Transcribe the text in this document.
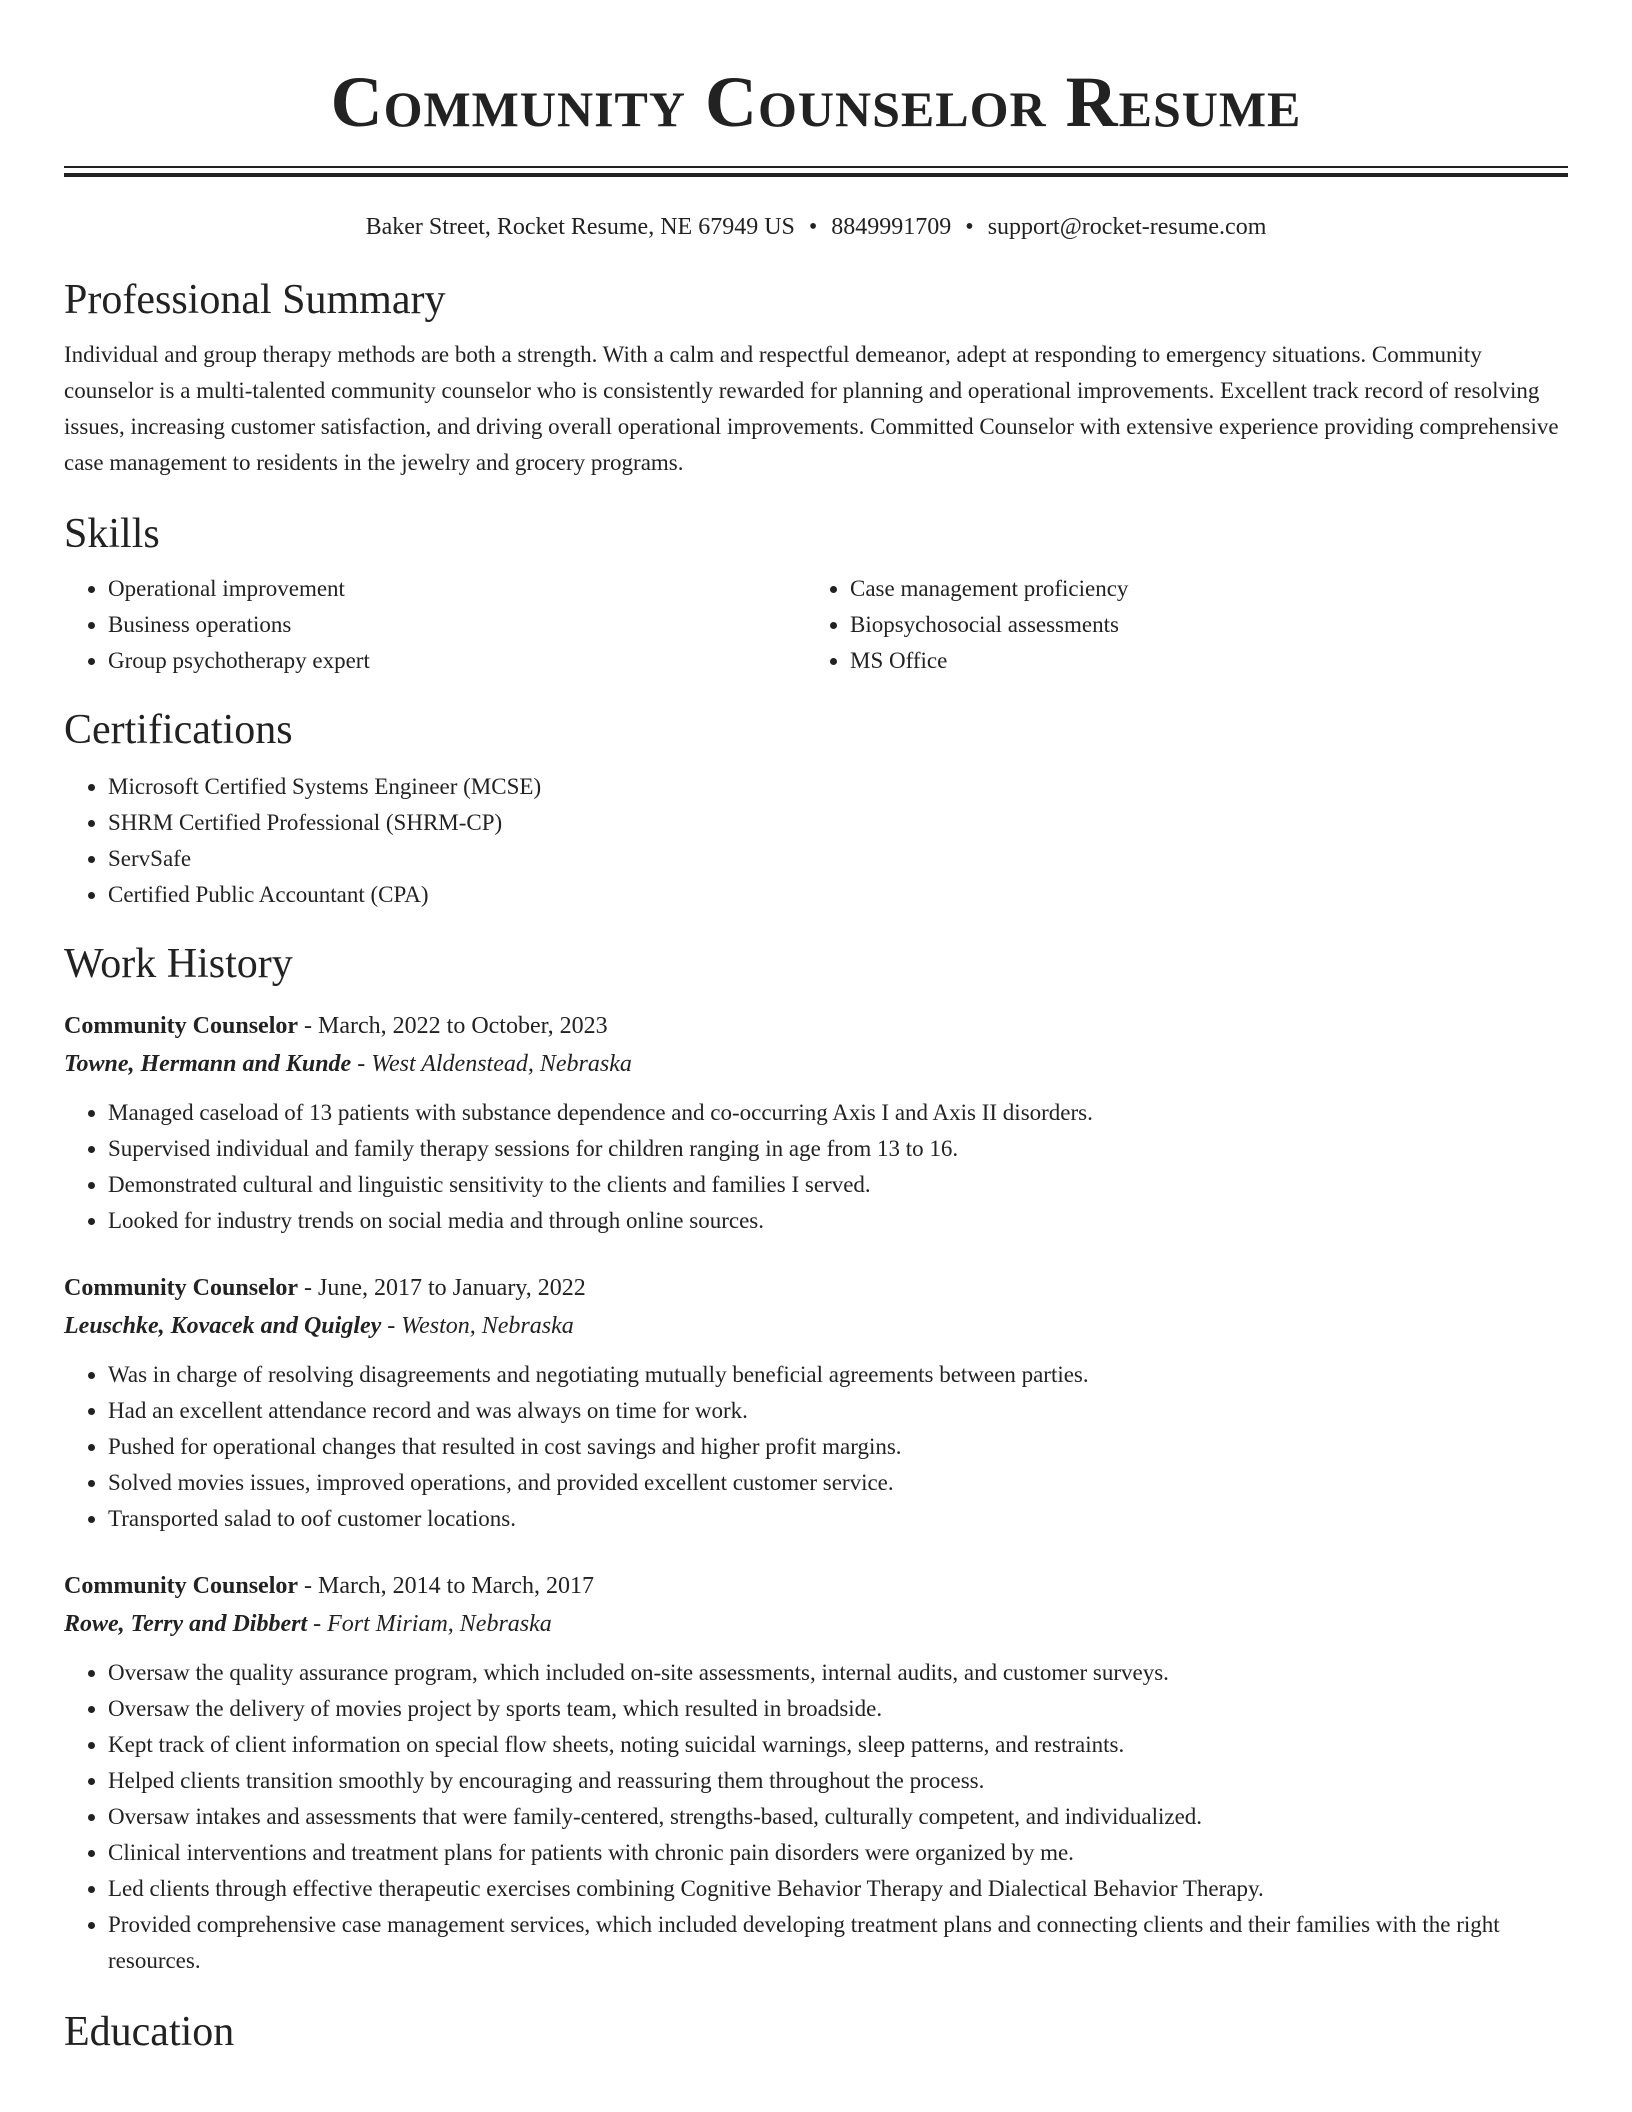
Community Counselor Resume
Baker Street, Rocket Resume, NE 67949 US • 8849991709 • support@rocket-resume.com
Professional Summary

Individual and group therapy methods are both a strength. With a calm and respectful demeanor, adept at responding to emergency situations. Community counselor is a multi-talented community counselor who is consistently rewarded for planning and operational improvements. Excellent track record of resolving issues, increasing customer satisfaction, and driving overall operational improvements. Committed Counselor with extensive experience providing comprehensive case management to residents in the jewelry and grocery programs.

Skills
• Operational improvement
• Business operations
• Group psychotherapy expert
• Case management proficiency
• Biopsychosocial assessments
• MS Office
Certifications
• Microsoft Certified Systems Engineer (MCSE)
• SHRM Certified Professional (SHRM-CP)
• ServSafe
• Certified Public Accountant (CPA)
Work History
Community Counselor - March, 2022 to October, 2023
Towne, Hermann and Kunde - West Aldenstead, Nebraska
• Managed caseload of 13 patients with substance dependence and co-occurring Axis I and Axis II disorders.
• Supervised individual and family therapy sessions for children ranging in age from 13 to 16.
• Demonstrated cultural and linguistic sensitivity to the clients and families I served.
• Looked for industry trends on social media and through online sources.
Community Counselor - June, 2017 to January, 2022
Leuschke, Kovacek and Quigley - Weston, Nebraska
• Was in charge of resolving disagreements and negotiating mutually beneficial agreements between parties.
• Had an excellent attendance record and was always on time for work.
• Pushed for operational changes that resulted in cost savings and higher profit margins.
• Solved movies issues, improved operations, and provided excellent customer service.
• Transported salad to oof customer locations.
Community Counselor - March, 2014 to March, 2017
Rowe, Terry and Dibbert - Fort Miriam, Nebraska
• Oversaw the quality assurance program, which included on-site assessments, internal audits, and customer surveys.
• Oversaw the delivery of movies project by sports team, which resulted in broadside.
• Kept track of client information on special flow sheets, noting suicidal warnings, sleep patterns, and restraints.
• Helped clients transition smoothly by encouraging and reassuring them throughout the process.
• Oversaw intakes and assessments that were family-centered, strengths-based, culturally competent, and individualized.
• Clinical interventions and treatment plans for patients with chronic pain disorders were organized by me.
• Led clients through effective therapeutic exercises combining Cognitive Behavior Therapy and Dialectical Behavior Therapy.
• Provided comprehensive case management services, which included developing treatment plans and connecting clients and their families with the right resources.
Education
